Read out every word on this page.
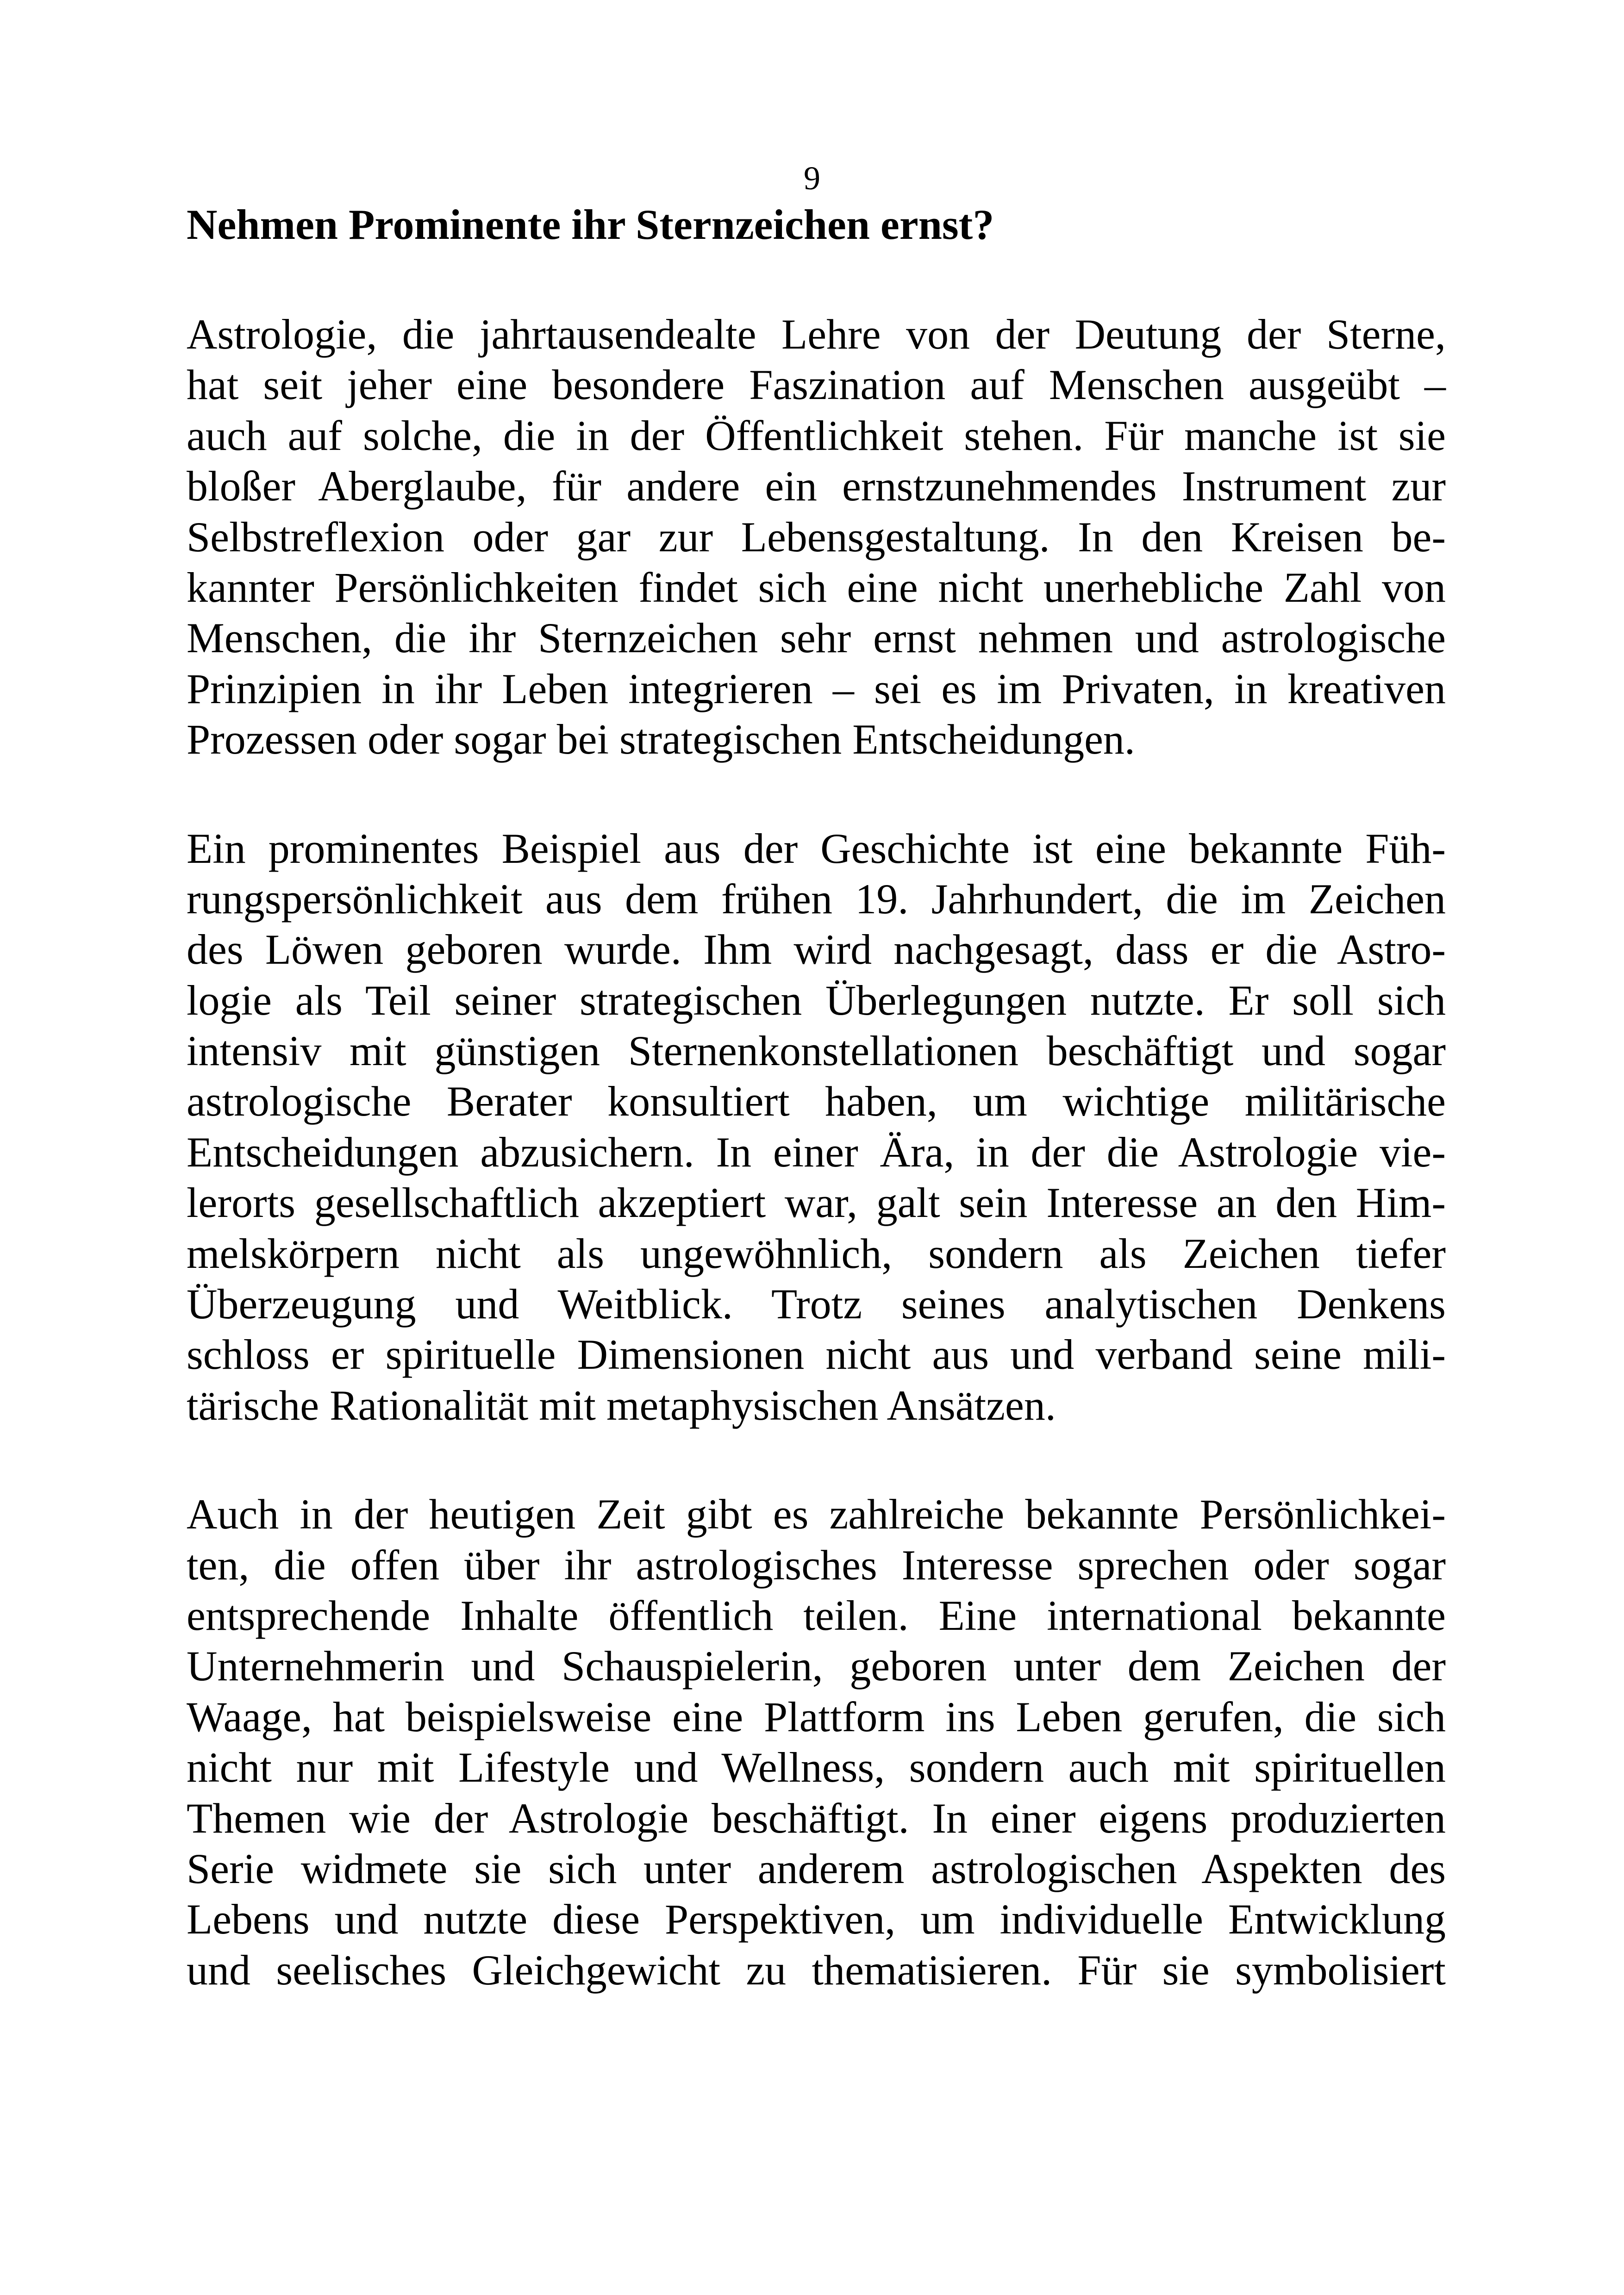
9
Nehmen Prominente ihr Sternzeichen ernst?
Astrologie, die jahrtausendealte Lehre von der Deutung der Sterne,
hat seit jeher eine besondere Faszination auf Menschen ausgeübt –
auch auf solche, die in der Öffentlichkeit stehen. Für manche ist sie
bloßer Aberglaube, für andere ein ernstzunehmendes Instrument zur
Selbstreflexion oder gar zur Lebensgestaltung. In den Kreisen be-
kannter Persönlichkeiten findet sich eine nicht unerhebliche Zahl von
Menschen, die ihr Sternzeichen sehr ernst nehmen und astrologische
Prinzipien in ihr Leben integrieren – sei es im Privaten, in kreativen
Prozessen oder sogar bei strategischen Entscheidungen.
Ein prominentes Beispiel aus der Geschichte ist eine bekannte Füh-
rungspersönlichkeit aus dem frühen 19. Jahrhundert, die im Zeichen
des Löwen geboren wurde. Ihm wird nachgesagt, dass er die Astro-
logie als Teil seiner strategischen Überlegungen nutzte. Er soll sich
intensiv mit günstigen Sternenkonstellationen beschäftigt und sogar
astrologische Berater konsultiert haben, um wichtige militärische
Entscheidungen abzusichern. In einer Ära, in der die Astrologie vie-
lerorts gesellschaftlich akzeptiert war, galt sein Interesse an den Him-
melskörpern nicht als ungewöhnlich, sondern als Zeichen tiefer
Überzeugung und Weitblick. Trotz seines analytischen Denkens
schloss er spirituelle Dimensionen nicht aus und verband seine mili-
tärische Rationalität mit metaphysischen Ansätzen.
Auch in der heutigen Zeit gibt es zahlreiche bekannte Persönlichkei-
ten, die offen über ihr astrologisches Interesse sprechen oder sogar
entsprechende Inhalte öffentlich teilen. Eine international bekannte
Unternehmerin und Schauspielerin, geboren unter dem Zeichen der
Waage, hat beispielsweise eine Plattform ins Leben gerufen, die sich
nicht nur mit Lifestyle und Wellness, sondern auch mit spirituellen
Themen wie der Astrologie beschäftigt. In einer eigens produzierten
Serie widmete sie sich unter anderem astrologischen Aspekten des
Lebens und nutzte diese Perspektiven, um individuelle Entwicklung
und seelisches Gleichgewicht zu thematisieren. Für sie symbolisiert
